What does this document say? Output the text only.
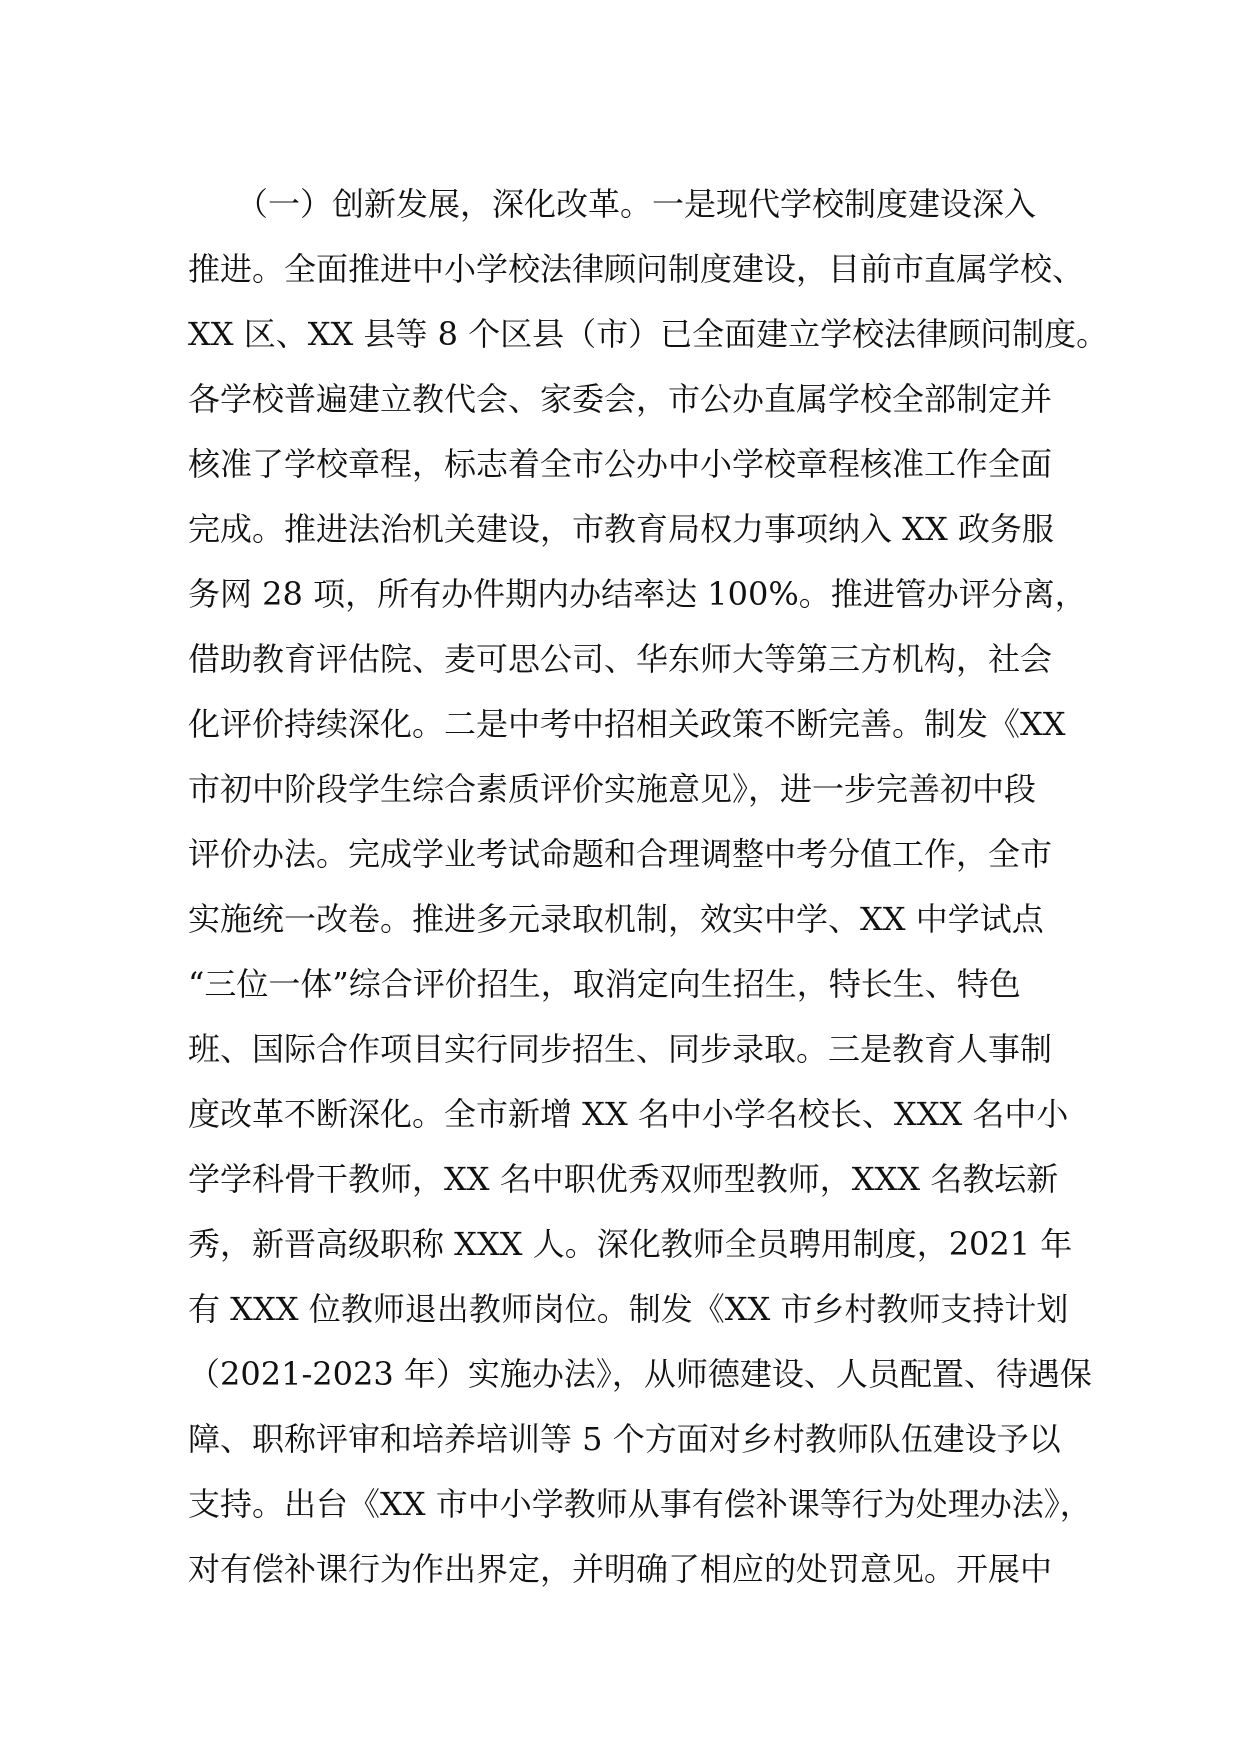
　　（一）创新发展，深化改革。一是现代学校制度建设深入
推进。全面推进中小学校法律顾问制度建设，目前市直属学校、
XX 区、XX 县等 8 个区县（市）已全面建立学校法律顾问制度。
各学校普遍建立教代会、家委会，市公办直属学校全部制定并
核准了学校章程，标志着全市公办中小学校章程核准工作全面
完成。推进法治机关建设，市教育局权力事项纳入 XX 政务服
务网 28 项，所有办件期内办结率达 100%。推进管办评分离，
借助教育评估院、麦可思公司、华东师大等第三方机构，社会
化评价持续深化。二是中考中招相关政策不断完善。制发《XX
市初中阶段学生综合素质评价实施意见》，进一步完善初中段
评价办法。完成学业考试命题和合理调整中考分值工作，全市
实施统一改卷。推进多元录取机制，效实中学、XX 中学试点
“三位一体”综合评价招生，取消定向生招生，特长生、特色
班、国际合作项目实行同步招生、同步录取。三是教育人事制
度改革不断深化。全市新增 XX 名中小学名校长、XXX 名中小
学学科骨干教师，XX 名中职优秀双师型教师，XXX 名教坛新
秀，新晋高级职称 XXX 人。深化教师全员聘用制度，2021 年
有 XXX 位教师退出教师岗位。制发《XX 市乡村教师支持计划
（2021-2023 年）实施办法》，从师德建设、人员配置、待遇保
障、职称评审和培养培训等 5 个方面对乡村教师队伍建设予以
支持。出台《XX 市中小学教师从事有偿补课等行为处理办法》，
对有偿补课行为作出界定，并明确了相应的处罚意见。开展中
